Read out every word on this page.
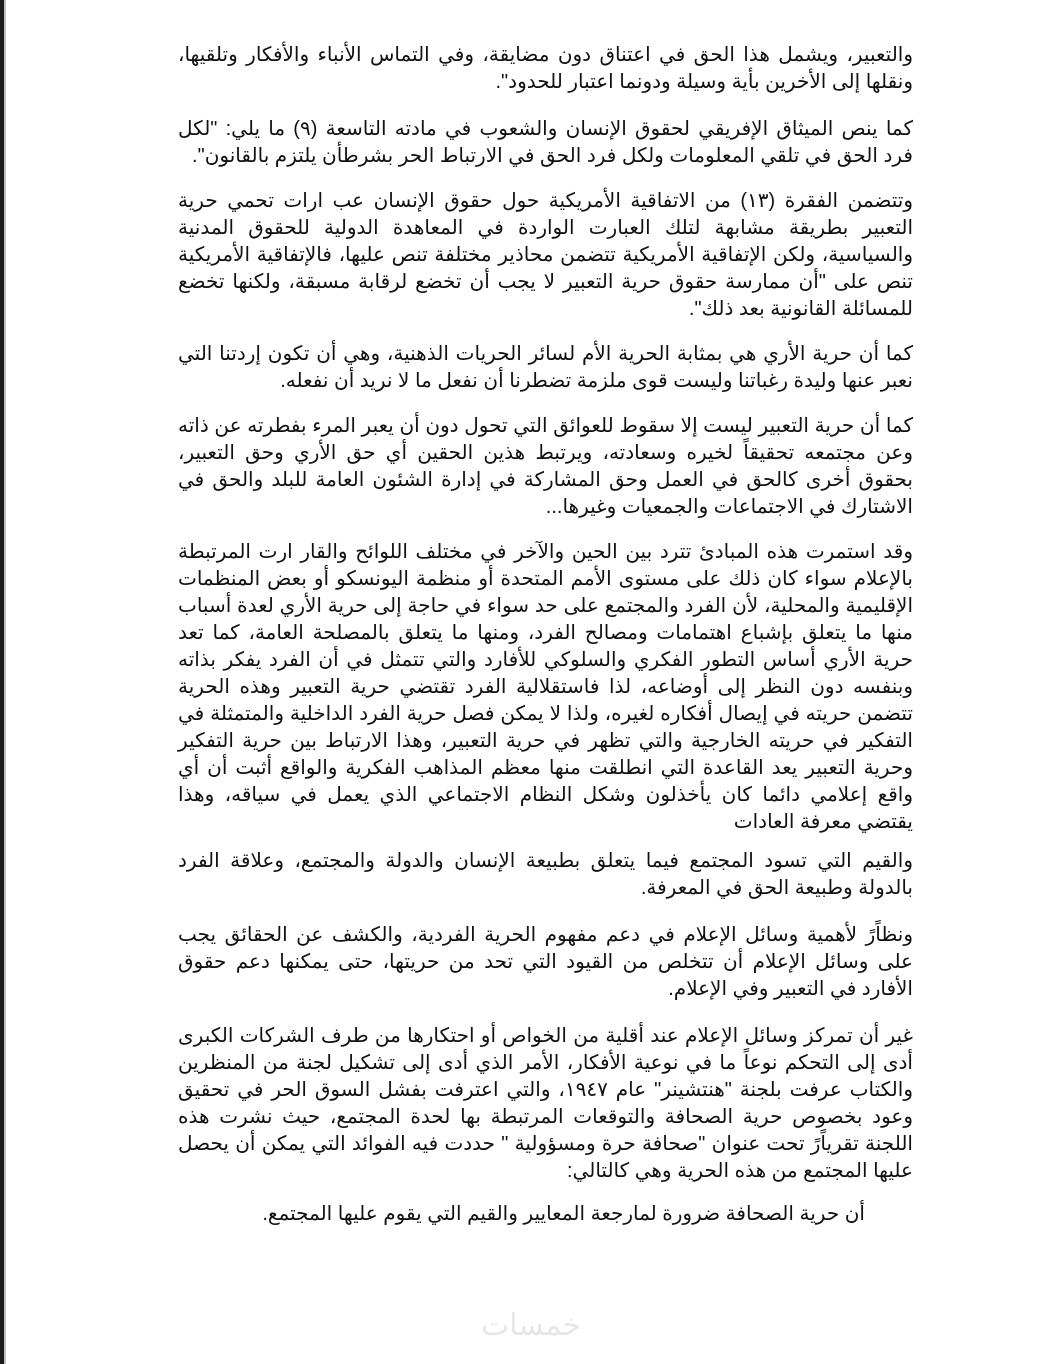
والتعبير، ويشمل هذا الحق في اعتناق دون مضايقة، وفي التماس الأنباء والأفكار وتلقيها، ونقلها إلى الأخرين بأية وسيلة ودونما اعتبار للحدود".

كما ينص الميثاق الإفريقي لحقوق الإنسان والشعوب في مادته التاسعة (٩) ما يلي: "لكل فرد الحق في تلقي المعلومات ولكل فرد الحق في الارتباط الحر بشرطأن يلتزم بالقانون".

وتتضمن الفقرة (١٣) من الاتفاقية الأمريكية حول حقوق الإنسان عب ارات تحمي حرية التعبير بطريقة مشابهة لتلك العبارت الواردة في المعاهدة الدولية للحقوق المدنية والسياسية، ولكن الإتفاقية الأمريكية تتضمن محاذير مختلفة تنص عليها، فالإتفاقية الأمريكية تنص على "أن ممارسة حقوق حرية التعبير لا يجب أن تخضع لرقابة مسبقة، ولكنها تخضع للمسائلة القانونية بعد ذلك".

كما أن حرية الأري هي بمثابة الحرية الأم لسائر الحريات الذهنية، وهي أن تكون إردتنا التي نعبر عنها وليدة رغباتنا وليست قوى ملزمة تضطرنا أن نفعل ما لا نريد أن نفعله.

كما أن حرية التعبير ليست إلا سقوط للعوائق التي تحول دون أن يعبر المرء بفطرته عن ذاته وعن مجتمعه تحقيقاً لخيره وسعادته، ويرتبط هذين الحقين أي حق الأري وحق التعبير، بحقوق أخرى كالحق في العمل وحق المشاركة في إدارة الشئون العامة للبلد والحق في الاشتارك في الاجتماعات والجمعيات وغيرها...

وقد استمرت هذه المبادئ تترد بين الحين والآخر في مختلف اللوائح والقار ارت المرتبطة بالإعلام سواء كان ذلك على مستوى الأمم المتحدة أو منظمة اليونسكو أو بعض المنظمات الإقليمية والمحلية، لأن الفرد والمجتمع على حد سواء في حاجة إلى حرية الأري لعدة أسباب منها ما يتعلق بإشباع اهتمامات ومصالح الفرد، ومنها ما يتعلق بالمصلحة العامة، كما تعد حرية الأري أساس التطور الفكري والسلوكي للأفارد والتي تتمثل في أن الفرد يفكر بذاته وبنفسه دون النظر إلى أوضاعه، لذا فاستقلالية الفرد تقتضي حرية التعبير وهذه الحرية تتضمن حريته في إيصال أفكاره لغيره، ولذا لا يمكن فصل حرية الفرد الداخلية والمتمثلة في التفكير في حريته الخارجية والتي تظهر في حرية التعبير، وهذا الارتباط بين حرية التفكير وحرية التعبير يعد القاعدة التي انطلقت منها معظم المذاهب الفكرية والواقع أثبت أن أي واقع إعلامي دائما كان يأخذلون وشكل النظام الاجتماعي الذي يعمل في سياقه، وهذا يقتضي معرفة العادات

والقيم التي تسود المجتمع فيما يتعلق بطبيعة الإنسان والدولة والمجتمع، وعلاقة الفرد بالدولة وطبيعة الحق في المعرفة.

ونظاًرً لأهمية وسائل الإعلام في دعم مفهوم الحرية الفردية، والكشف عن الحقائق يجب على وسائل الإعلام أن تتخلص من القيود التي تحد من حريتها، حتى يمكنها دعم حقوق الأفارد في التعبير وفي الإعلام.

غير أن تمركز وسائل الإعلام عند أقلية من الخواص أو احتكارها من طرف الشركات الكبرى أدى إلى التحكم نوعاً ما في نوعية الأفكار، الأمر الذي أدى إلى تشكيل لجنة من المنظرين والكتاب عرفت بلجنة "هنتشينر" عام ١٩٤٧، والتي اعترفت بفشل السوق الحر في تحقيق وعود بخصوص حرية الصحافة والتوقعات المرتبطة بها لحدة المجتمع، حيث نشرت هذه اللجنة تقرياًرً تحت عنوان "صحافة حرة ومسؤولية " حددت فيه الفوائد التي يمكن أن يحصل عليها المجتمع من هذه الحرية وهي كالتالي:

أن حرية الصحافة ضرورة لمارجعة المعايير والقيم التي يقوم عليها المجتمع.

خمسات
